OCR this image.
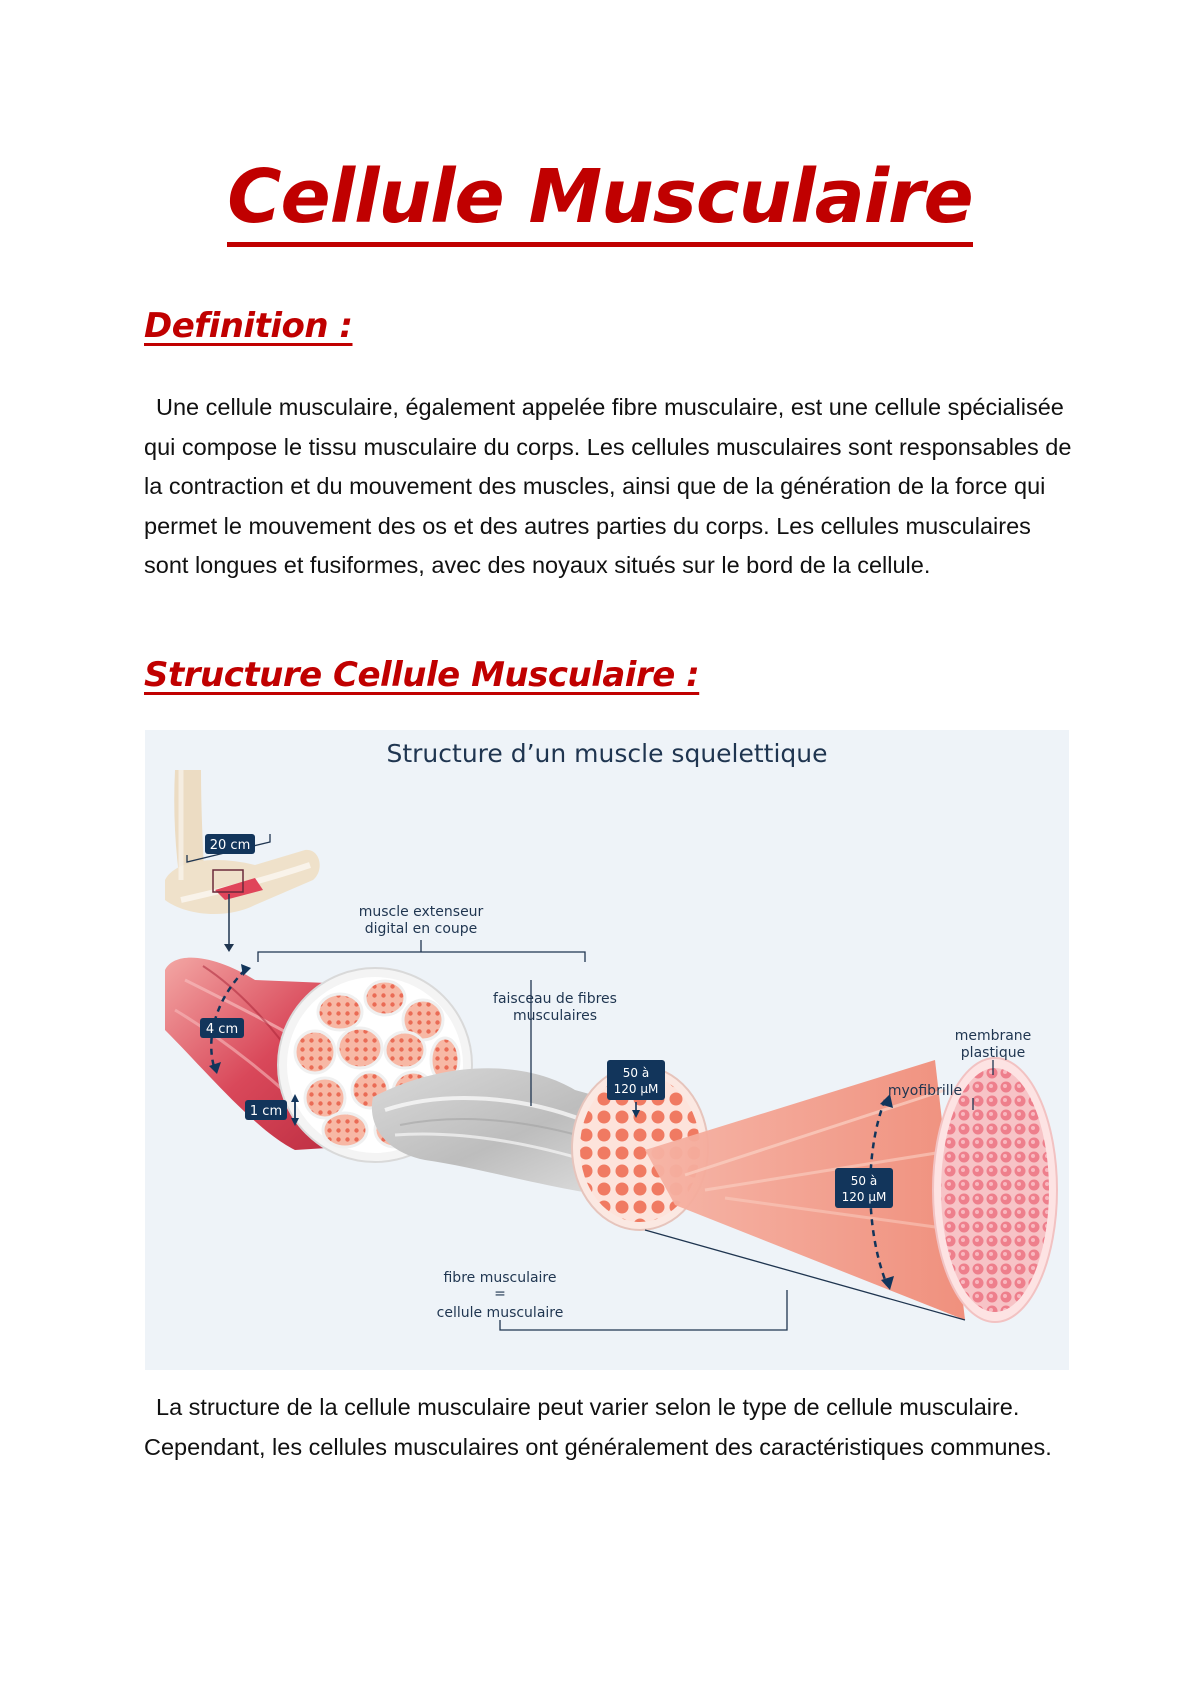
Cellule Musculaire
Definition :
Une cellule musculaire, également appelée fibre musculaire, est une cellule spécialisée qui compose le tissu musculaire du corps. Les cellules musculaires sont responsables de la contraction et du mouvement des muscles, ainsi que de la génération de la force qui permet le mouvement des os et des autres parties du corps. Les cellules musculaires sont longues et fusiformes, avec des noyaux situés sur le bord de la cellule.
Structure Cellule Musculaire :
Structure d’un muscle squelettique
20 cm
muscle extenseur
digital en coupe
4 cm
1 cm
faisceau de fibres
musculaires
50 à
120 µM
myofibrille
membrane
plastique
50 à
120 µM
fibre musculaire
=
cellule musculaire
La structure de la cellule musculaire peut varier selon le type de cellule musculaire. Cependant, les cellules musculaires ont généralement des caractéristiques communes.
